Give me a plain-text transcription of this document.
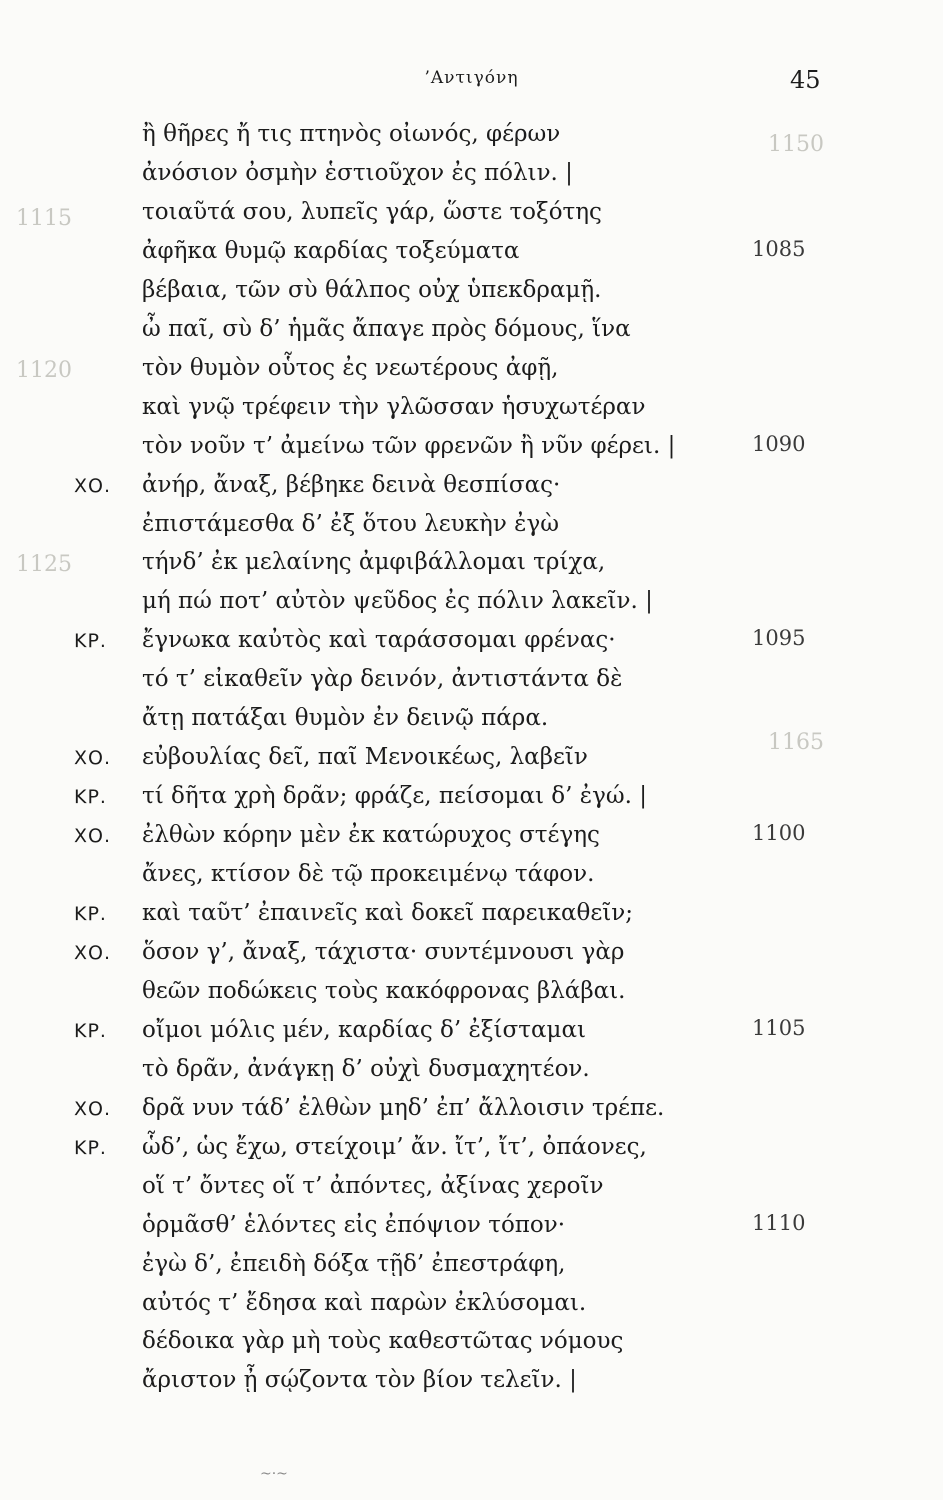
’Αντιγόνη	45
1150
1115
1120
1125
1165
ἢ θῆρες ἤ τις πτηνὸς οἰωνός, φέρων
ἀνόσιον ὀσμὴν ἑστιοῦχον ἐς πόλιν. |
τοιαῦτά σου, λυπεῖς γάρ, ὥστε τοξότης
ἀφῆκα θυμῷ καρδίας τοξεύματα	1085
βέβαια, τῶν σὺ θάλπος οὐχ ὑπεκδραμῇ.
ὦ παῖ, σὺ δ’ ἡμᾶς ἄπαγε πρὸς δόμους, ἵνα
τὸν θυμὸν οὗτος ἐς νεωτέρους ἀφῇ,
καὶ γνῷ τρέφειν τὴν γλῶσσαν ἡσυχωτέραν
τὸν νοῦν τ’ ἀμείνω τῶν φρενῶν ἢ νῦν φέρει. |	1090
ΧΟ. ἀνήρ, ἄναξ, βέβηκε δεινὰ θεσπίσας·
ἐπιστάμεσθα δ’ ἐξ ὅτου λευκὴν ἐγὼ
τήνδ’ ἐκ μελαίνης ἀμφιβάλλομαι τρίχα,
μή πώ ποτ’ αὐτὸν ψεῦδος ἐς πόλιν λακεῖν. |
ΚΡ. ἔγνωκα καὐτὸς καὶ ταράσσομαι φρένας·	1095
τό τ’ εἰκαθεῖν γὰρ δεινόν, ἀντιστάντα δὲ
ἄτῃ πατάξαι θυμὸν ἐν δεινῷ πάρα.
ΧΟ. εὐβουλίας δεῖ, παῖ Μενοικέως, λαβεῖν
ΚΡ. τί δῆτα χρὴ δρᾶν; φράζε, πείσομαι δ’ ἐγώ. |
ΧΟ. ἐλθὼν κόρην μὲν ἐκ κατώρυχος στέγης	1100
ἄνες, κτίσον δὲ τῷ προκειμένῳ τάφον.
ΚΡ. καὶ ταῦτ’ ἐπαινεῖς καὶ δοκεῖ παρεικαθεῖν;
ΧΟ. ὅσον γ’, ἄναξ, τάχιστα· συντέμνουσι γὰρ
θεῶν ποδώκεις τοὺς κακόφρονας βλάβαι.
ΚΡ. οἴμοι μόλις μέν, καρδίας δ’ ἐξίσταμαι	1105
τὸ δρᾶν, ἀνάγκῃ δ’ οὐχὶ δυσμαχητέον.
ΧΟ. δρᾶ νυν τάδ’ ἐλθὼν μηδ’ ἐπ’ ἄλλοισιν τρέπε.
ΚΡ. ὧδ’, ὡς ἔχω, στείχοιμ’ ἄν. ἴτ’, ἴτ’, ὀπάονες,
οἵ τ’ ὄντες οἵ τ’ ἀπόντες, ἀξίνας χεροῖν
ὁρμᾶσθ’ ἑλόντες εἰς ἐπόψιον τόπον·	1110
ἐγὼ δ’, ἐπειδὴ δόξα τῇδ’ ἐπεστράφη,
αὐτός τ’ ἔδησα καὶ παρὼν ἐκλύσομαι.
δέδοικα γὰρ μὴ τοὺς καθεστῶτας νόμους
ἄριστον ᾖ σῴζοντα τὸν βίον τελεῖν. |
~·~
